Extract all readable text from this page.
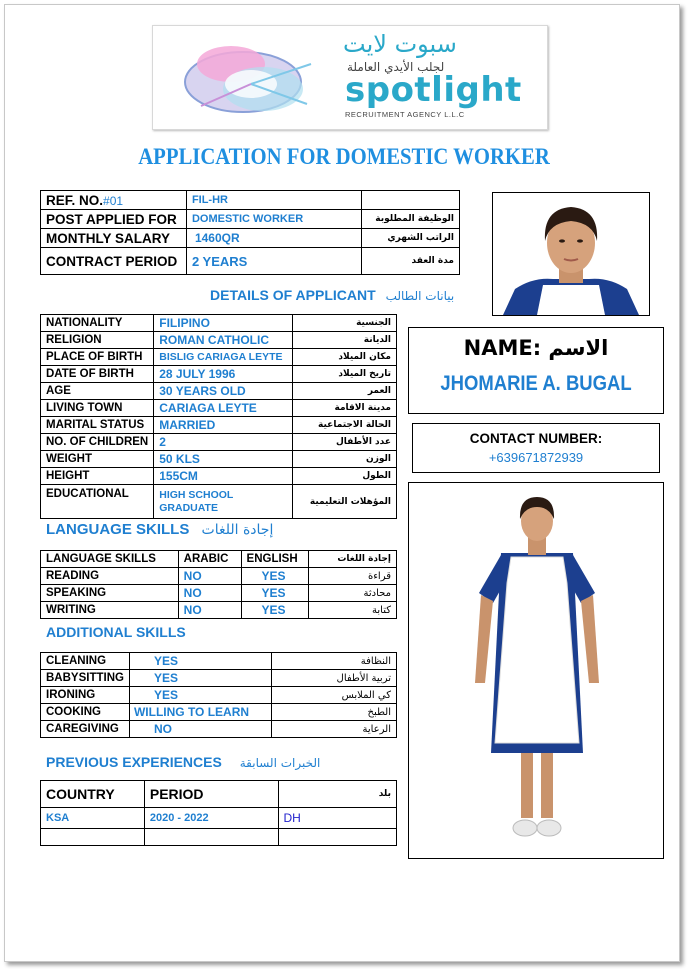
سبوت لايت
لجلب الأيدي العاملة
spotlight
RECRUITMENT AGENCY L.L.C
APPLICATION FOR DOMESTIC WORKER
REF. NO.#01	FIL-HR	
POST APPLIED FOR	DOMESTIC WORKER	الوظيفة المطلوبة
MONTHLY SALARY	1460QR	الراتب الشهري
CONTRACT PERIOD	2 YEARS	مدة العقد
DETAILS OF APPLICANT بيانات الطالب
NATIONALITY	FILIPINO	الجنسية
RELIGION	ROMAN CATHOLIC	الديانة
PLACE OF BIRTH	BISLIG CARIAGA LEYTE	مكان الميلاد
DATE OF BIRTH	28 JULY 1996	تاريخ الميلاد
AGE	30 YEARS OLD	العمر
LIVING TOWN	CARIAGA LEYTE	مدينة الاقامة
MARITAL STATUS	MARRIED	الحالة الاجتماعية
NO. OF CHILDREN	2	عدد الأطفال
WEIGHT	50 KLS	الوزن
HEIGHT	155CM	الطول
EDUCATIONAL	HIGH SCHOOL GRADUATE	المؤهلات التعليمية
LANGUAGE SKILLS إجادة اللغات
LANGUAGE SKILLS	ARABIC	ENGLISH	إجادة اللغات
READING	NO	YES	قراءة
SPEAKING	NO	YES	محادثة
WRITING	NO	YES	كتابة
ADDITIONAL SKILLS
CLEANING	YES	النظافة
BABYSITTING	YES	تربية الأطفال
IRONING	YES	كي الملابس
COOKING	WILLING TO LEARN	الطبخ
CAREGIVING	NO	الرعاية
PREVIOUS EXPERIENCES الخبرات السابقة
COUNTRY	PERIOD	بلد
KSA	2020 - 2022	DH

NAME: الاسم
JHOMARIE A. BUGAL
CONTACT NUMBER:
+639671872939
